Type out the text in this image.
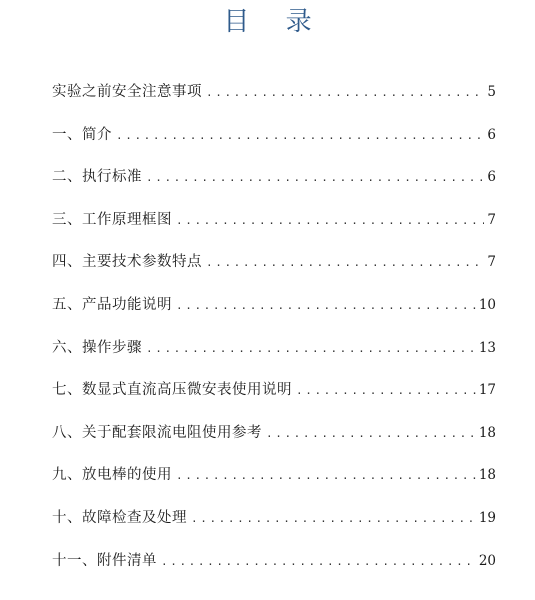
目 录
实验之前安全注意事项 .....	5
一、简介 .....	6
二、执行标准 .....	6
三、工作原理框图 .....	7
四、主要技术参数特点 .....	7
五、产品功能说明 .....	10
六、操作步骤 .....	13
七、数显式直流高压微安表使用说明 .....	17
八、关于配套限流电阻使用参考 .....	18
九、放电棒的使用 .....	18
十、故障检查及处理 .....	19
十一、附件清单 .....	20
